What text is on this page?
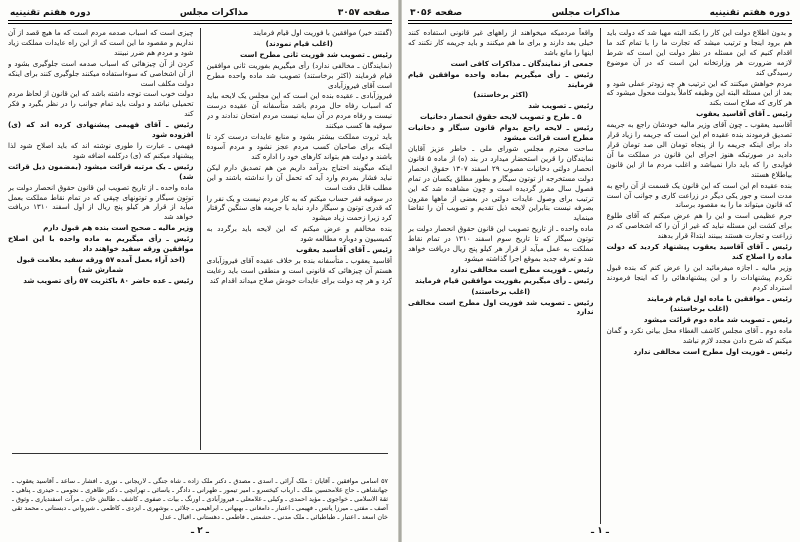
دوره هفتم تقنینیه
مذاکرات مجلس
صفحه ۳۰۵۶

و بدون اطلاع دولت این کار را بکند البته مهیا شد که دولت باید هم برود اینجا و ترتیب میشد که تجارت ما را با تمام کند ما اقدام کنیم که این مسئله در نظر دولت این است که شرط لازمه ضرورت هر وزارتخانه این است که در آن موضوع رسیدگی کند

مردم خواهش میکنند که این ترتیب هر چه زودتر عملی شود و بعد از این مسئله البته این وظیفه کاملاً بدولت محول میشود که هر کاری که صلاح است بکند

رئیس ـ آقای آقاسید یعقوب

آقاسید یعقوب ـ چون آقای وزیر مالیه خودشان راجع به جریمه تصدیق فرمودند بنده عقیده ام این است که جریمه را زیاد قرار داد برای اینکه جریمه را از پنجاه تومان الی صد تومان قرار دادید در صورتیکه هنوز اجرای این قانون در مملکت ما آن فوایدی را که باید دارا نمیباشد و اغلب مردم ما از این قانون بیاطلاع هستند

بنده عقیده ام این است که این قانون یک قسمت از آن راجع به مدت است و جور یکی دیگر در زراعت کاری و جوانب آن است که قانون میتواند ما را به مقصود برساند

جرم عظیمی است و این را هم عرض میکنم که آقای طلوع برای کشت این مسئله نباید که غیر از آن را که اشخاصی که در زراعت و تجارت هستند ببینند ابتداءً قرار بدهند

رئیس ـ آقای آقاسید یعقوب پیشنهاد کردید که دولت ماده را اصلاح کند

وزیر مالیه ـ اجازه میفرمائید این را عرض کنم که بنده قبول نکردم پیشنهادات را و این پیشنهادهائی را که اینجا فرمودند استرداد کردم

رئیس ـ موافقین با ماده اول قیام فرمایند

(اغلب برخاستند)

رئیس ـ تصویب شد ماده دوم قرائت میشود

ماده دوم ـ آقای مجلس کاشف الغطاء محل بیانی نکرد و گمان میکنم که شرح دادن مجدد لازم نباشد

رئیس ـ فوریت اول مطرح است مخالفی ندارد

واقعاً مردمیکه میخواهند از راههای غیر قانونی استفاده کنند خیلی بعد دارند و برای ما هم میکنند و باید جریمه کار نکنند که اینها را مانع باشد

جمعی از نمایندگان ـ مذاکرات کافی است

رئیس ـ رأی میگیریم بماده واحده موافقین قیام فرمایند

(اکثر برخاستند)

رئیس ـ تصویب شد

۵ ـ طرح و تصویب لایحه حقوق انحصار دخانیات

رئیس ـ لایحه راجع بدوام قانون سیگار و دخانیات مطرح است قرائت میشود

ساحت محترم مجلس شورای ملی ـ خاطر عزیز آقایان نمایندگان را قرین استحضار میدارد در بند (ه) از ماده ۵ قانون انحصار دولتی دخانیات مصوب ۲۹ اسفند ۱۳۰۷ حقوق انحصار دولت مستخرجه از توتون سیگار و بطور مطلق یکسان در تمام فصول سال مقرر گردیده است و چون مشاهده شد که این ترتیب برای وصول عایدات دولتی در بعضی از ماهها مقرون بصرفه نیست بنابراین لایحه ذیل تقدیم و تصویب آن را تقاضا مینماید

ماده واحده ـ از تاریخ تصویب این قانون حقوق انحصار دولت بر توتون سیگار که تا تاریخ سوم اسفند ۱۳۱۰ در تمام نقاط مملکت به عمل میآید از قرار هر کیلو پنج ریال دریافت خواهد شد و تعرفه جدید بموقع اجرا گذاشته میشود

رئیس ـ فوریت مطرح است مخالفی ندارد

رئیس ـ رأی میگیریم بفوریت موافقین قیام فرمایند

(اغلب برخاستند)

رئیس ـ تصویب شد فوریت اول مطرح است مخالفی ندارد

ـ ۱ ـ
صفحه ۳۰۵۷
مذاکرات مجلس
دوره هفتم تقنینیه

(گفتند خیر) موافقین با فوریت اول قیام فرمایند

(اغلب قیام نمودند)

رئیس ـ تصویب شد فوریت ثانی مطرح است

(نمایندگان ـ مخالفی ندارد) رأی میگیریم بفوریت ثانی موافقین قیام فرمایند (اکثر برخاستند) تصویب شد ماده واحده مطرح است آقای فیروزآبادی

فیروزآبادی ـ عقیده بنده این است که این مجلس یک لایحه بیاید که اسباب رفاه حال مردم باشد متأسفانه آن عقیده درست نیست و رفاه مردم در آن سایه نیست مردم امتحان ندادند و در سوقیه ها کسب میکنند

باید ثروت مملکت بیشتر بشود و منابع عایدات درست کرد تا اینکه برای صاحبان کسب مردم عجز نشود و مردم آسوده باشند و دولت هم بتواند کارهای خود را اداره کند

اینکه میگویند احتیاج بدرآمد داریم من هم تصدیق دارم لیکن نباید فشار بمردم وارد آید که تحمل آن را نداشته باشند و این مطلب قابل دقت است

در سوقیه قفر حساب میکنم که به کار مردم نیست و یک نفر را که قدری توتون و سیگار دارد نباید با جریمه های سنگین گرفتار کرد زیرا زحمت زیاد میشود

بنده مخالفم و عرض میکنم که این لایحه باید برگردد به کمیسیون و دوباره مطالعه شود

رئیس ـ آقای آقاسید یعقوب

آقاسید یعقوب ـ متأسفانه بنده بر خلاف عقیده آقای فیروزآبادی هستم آن چیزهائی که قانونی است و منطقی است باید رعایت کرد و هر چه دولت برای عایدات خودش صلاح میداند اقدام کند

چیزی است که اسباب صدمه مردم است که ما هیچ قصد از آن نداریم و مقصود ما این است که از این راه عایدات مملکت زیاد شود و مردم هم ضرر نبینند

کردن از آن چیزهائی که اسباب صدمه است جلوگیری بشود و از آن اشخاصی که سوءاستفاده میکنند جلوگیری کنند برای اینکه دولت مکلف است

دولت خوب است توجه داشته باشد که این قانون از لحاظ مردم تحمیلی نباشد و دولت باید تمام جوانب را در نظر بگیرد و فکر کند

رئیس ـ آقای فهیمی پیشنهادی کرده اند که (ی) افزوده شود

فهیمی ـ عبارت را طوری نوشته اند که باید اصلاح شود لذا پیشنهاد میکنم که (ی) درکلمه اضافه شود

رئیس ـ یک مرتبه قرائت میشود (بمضمون ذیل قرائت شد)

ماده واحده ـ از تاریخ تصویب این قانون حقوق انحصار دولت بر توتون سیگار و توتونهای چپقی که در تمام نقاط مملکت بعمل میآید از قرار هر کیلو پنج ریال از اول اسفند ۱۳۱۰ دریافت خواهد شد

وزیر مالیه ـ صحیح است بنده هم قبول دارم

رئیس ـ رأی میگیریم به ماده واحده با این اصلاح موافقین ورقه سفید خواهند داد

(اخذ آراء بعمل آمده ۵۷ ورقه سفید بعلامت قبول شمارش شد)

رئیس ـ عده حاضر ۸۰ باکثریت ۵۷ رأی تصویب شد

۵۷ اسامی موافقین ـ آقایان : ملک آرائی ـ اسدی ـ مصدق ـ دکتر ملک زاده ـ شاه جنگی ـ لاریجانی ـ نوری ـ افشار ـ ساعد ـ آقاسید یعقوب ـ جهانشاهی ـ حاج غلامحسین ملک ـ ارباب کیخسرو ـ امیر تیمور ـ طهرانی ـ دادگر ـ یاسائی ـ تهرانچی ـ دکتر طاهری ـ نجومی ـ حیدری ـ پناهی ـ ثقة الاسلامی ـ خواجوی ـ مؤید احمدی ـ وکیلی ـ غلامعلی ـ فیروزآبادی ـ اورنگ ـ بیات ـ صفوی ـ کاشف ـ طالش خان ـ مرآت اسفندیاری ـ وثوق ـ آصف ـ مفتی ـ میرزا یانس ـ فهیمی ـ اعتبار ـ دامغانی ـ بهبهانی ـ ابراهیمی ـ جلائی ـ بوشهری ـ ایزدی ـ کاظمی ـ شیروانی ـ دبستانی ـ محمد تقی خان اسعد ـ اعتبار ـ طباطبائی ـ ملک مدنی ـ حشمتی ـ فاطمی ـ دهستانی ـ اقبال ـ عدل
ـ ۲ ـ
